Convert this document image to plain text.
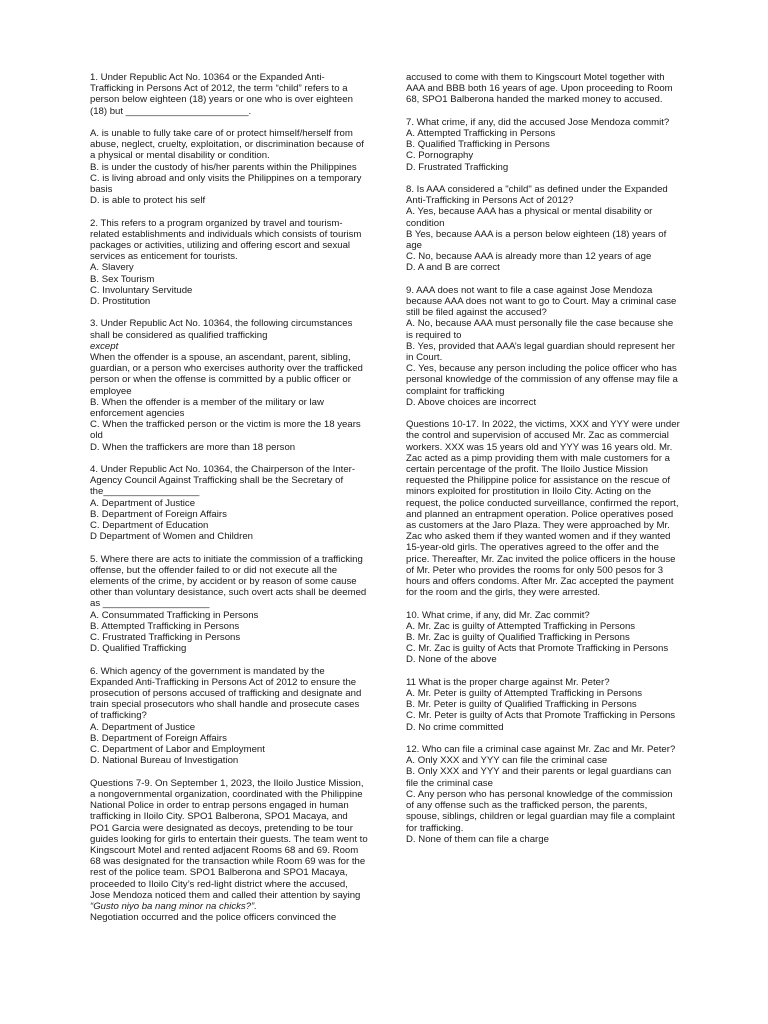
1. Under Republic Act No. 10364 or the Expanded Anti-Trafficking in Persons Act of 2012, the term “child” refers to a person below eighteen (18) years or one who is over eighteen (18) but _______________________.
A. is unable to fully take care of or protect himself/herself from abuse, neglect, cruelty, exploitation, or discrimination because of a physical or mental disability or condition.
B. is under the custody of his/her parents within the Philippines
C. is living abroad and only visits the Philippines on a temporary basis
D. is able to protect his self
2. This refers to a program organized by travel and tourism-related establishments and individuals which consists of tourism packages or activities, utilizing and offering escort and sexual services as enticement for tourists.
A. Slavery
B. Sex Tourism
C. Involuntary Servitude
D. Prostitution
3. Under Republic Act No. 10364, the following circumstances shall be considered as qualified trafficking
except
When the offender is a spouse, an ascendant, parent, sibling, guardian, or a person who exercises authority over the trafficked person or when the offense is committed by a public officer or employee
B. When the offender is a member of the military or law enforcement agencies
C. When the trafficked person or the victim is more the 18 years old
D. When the traffickers are more than 18 person
4. Under Republic Act No. 10364, the Chairperson of the Inter-Agency Council Against Trafficking shall be the Secretary of the__________________
A. Department of Justice
B. Department of Foreign Affairs
C. Department of Education
D Department of Women and Children
5. Where there are acts to initiate the commission of a trafficking offense, but the offender failed to or did not execute all the elements of the crime, by accident or by reason of some cause other than voluntary desistance, such overt acts shall be deemed as ____________________
A. Consummated Trafficking in Persons
B. Attempted Trafficking in Persons
C. Frustrated Trafficking in Persons
D. Qualified Trafficking
6. Which agency of the government is mandated by the Expanded Anti-Trafficking in Persons Act of 2012 to ensure the prosecution of persons accused of trafficking and designate and train special prosecutors who shall handle and prosecute cases of trafficking?
A. Department of Justice
B. Department of Foreign Affairs
C. Department of Labor and Employment
D. National Bureau of Investigation
Questions 7-9. On September 1, 2023, the Iloilo Justice Mission, a nongovernmental organization, coordinated with the Philippine National Police in order to entrap persons engaged in human trafficking in Iloilo City. SPO1 Balberona, SPO1 Macaya, and PO1 Garcia were designated as decoys, pretending to be tour guides looking for girls to entertain their guests. The team went to Kingscourt Motel and rented adjacent Rooms 68 and 69. Room 68 was designated for the transaction while Room 69 was for the rest of the police team. SPO1 Balberona and SPO1 Macaya, proceeded to Iloilo City’s red-light district where the accused, Jose Mendoza noticed them and called their attention by saying
“Gusto niyo ba nang minor na chicks?”.
Negotiation occurred and the police officers convinced the
accused to come with them to Kingscourt Motel together with AAA and BBB both 16 years of age. Upon proceeding to Room 68, SPO1 Balberona handed the marked money to accused.
7. What crime, if any, did the accused Jose Mendoza commit?
A. Attempted Trafficking in Persons
B. Qualified Trafficking in Persons
C. Pornography
D. Frustrated Trafficking
8. Is AAA considered a "child" as defined under the Expanded Anti-Trafficking in Persons Act of 2012?
A. Yes, because AAA has a physical or mental disability or condition
B Yes, because AAA is a person below eighteen (18) years of age
C. No, because AAA is already more than 12 years of age
D. A and B are correct
9. AAA does not want to file a case against Jose Mendoza because AAA does not want to go to Court. May a criminal case still be filed against the accused?
A. No, because AAA must personally file the case because she is required to
B. Yes, provided that AAA’s legal guardian should represent her in Court.
C. Yes, because any person including the police officer who has personal knowledge of the commission of any offense may file a complaint for trafficking
D. Above choices are incorrect
Questions 10-17. In 2022, the victims, XXX and YYY were under the control and supervision of accused Mr. Zac as commercial workers. XXX was 15 years old and YYY was 16 years old. Mr. Zac acted as a pimp providing them with male customers for a certain percentage of the profit. The Iloilo Justice Mission requested the Philippine police for assistance on the rescue of minors exploited for prostitution in Iloilo City. Acting on the request, the police conducted surveillance, confirmed the report, and planned an entrapment operation. Police operatives posed as customers at the Jaro Plaza. They were approached by Mr. Zac who asked them if they wanted women and if they wanted 15-year-old girls. The operatives agreed to the offer and the price. Thereafter, Mr. Zac invited the police officers in the house of Mr. Peter who provides the rooms for only 500 pesos for 3 hours and offers condoms. After Mr. Zac accepted the payment for the room and the girls, they were arrested.
10. What crime, if any, did Mr. Zac commit?
A. Mr. Zac is guilty of Attempted Trafficking in Persons
B. Mr. Zac is guilty of Qualified Trafficking in Persons
C. Mr. Zac is guilty of Acts that Promote Trafficking in Persons
D. None of the above
11 What is the proper charge against Mr. Peter?
A. Mr. Peter is guilty of Attempted Trafficking in Persons
B. Mr. Peter is guilty of Qualified Trafficking in Persons
C. Mr. Peter is guilty of Acts that Promote Trafficking in Persons
D. No crime committed
12. Who can file a criminal case against Mr. Zac and Mr. Peter?
A. Only XXX and YYY can file the criminal case
B. Only XXX and YYY and their parents or legal guardians can file the criminal case
C. Any person who has personal knowledge of the commission of any offense such as the trafficked person, the parents, spouse, siblings, children or legal guardian may file a complaint for trafficking.
D. None of them can file a charge
